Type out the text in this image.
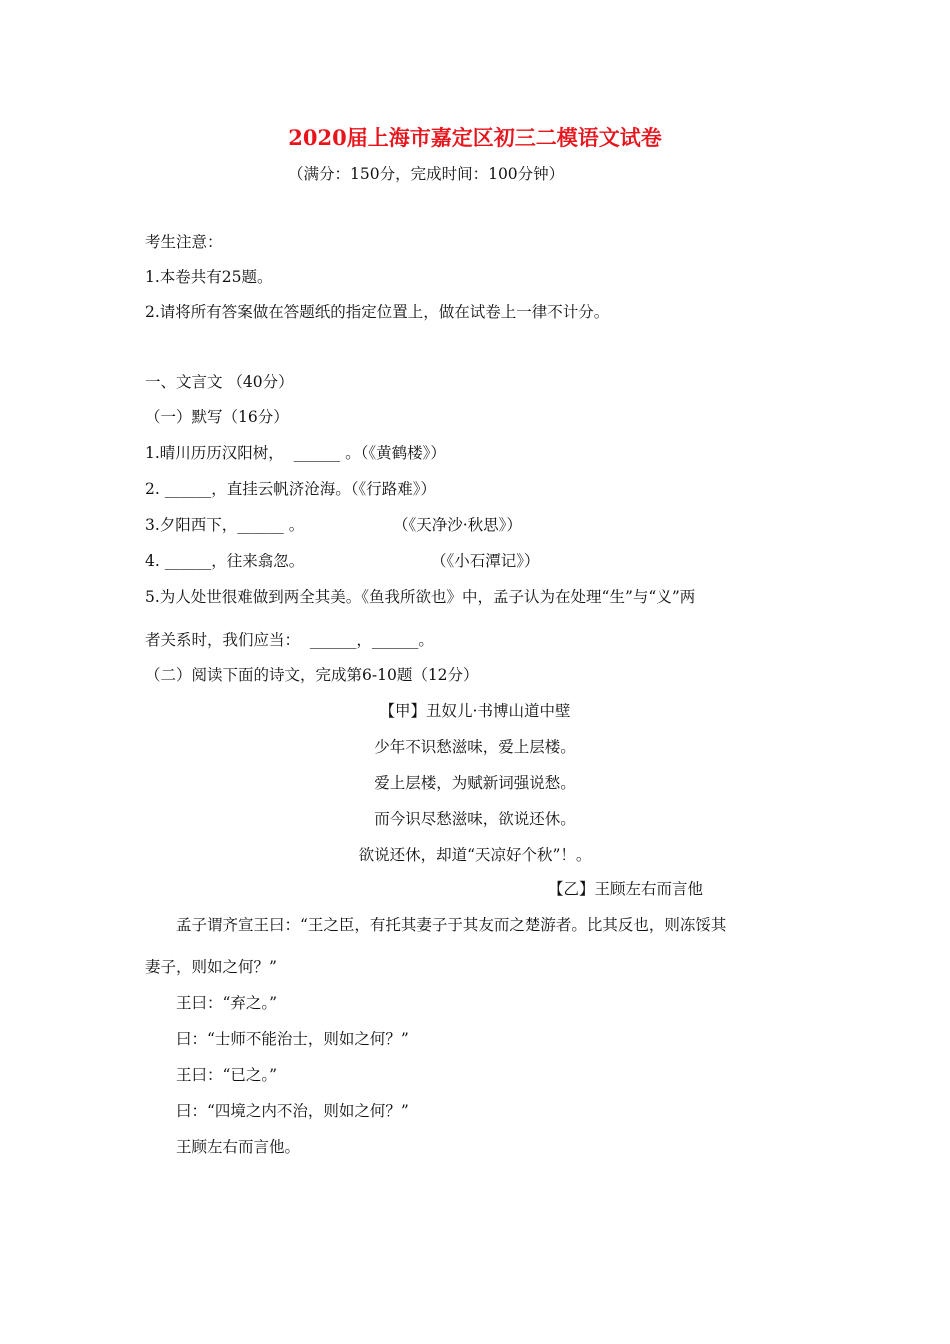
2020届上海市嘉定区初三二模语文试卷
（满分：150分，完成时间：100分钟）
考生注意：
1.本卷共有25题。
2.请将所有答案做在答题纸的指定位置上，做在试卷上一律不计分。
一、文言文 （40分）
（一）默写（16分）
1.晴川历历汉阳树，  ______ 。（《黄鹤楼》）
2. ______，直挂云帆济沧海。（《行路难》）
3.夕阳西下，______ 。	（《天净沙·秋思》）
4. ______，往来翕忽。	（《小石潭记》）
5.为人处世很难做到两全其美。《鱼我所欲也》中，孟子认为在处理“生”与“义”两
者关系时，我们应当：  ______，______。
（二）阅读下面的诗文，完成第6-10题（12分）
【甲】丑奴儿·书博山道中壁
少年不识愁滋味，爱上层楼。
爱上层楼，为赋新词强说愁。
而今识尽愁滋味，欲说还休。
欲说还休，却道“天凉好个秋”！。
【乙】王顾左右而言他
孟子谓齐宣王曰：“王之臣，有托其妻子于其友而之楚游者。比其反也，则冻馁其
妻子，则如之何？”
王曰：“弃之。”
曰：“士师不能治士，则如之何？”
王曰：“已之。”
曰：“四境之内不治，则如之何？”
王顾左右而言他。
